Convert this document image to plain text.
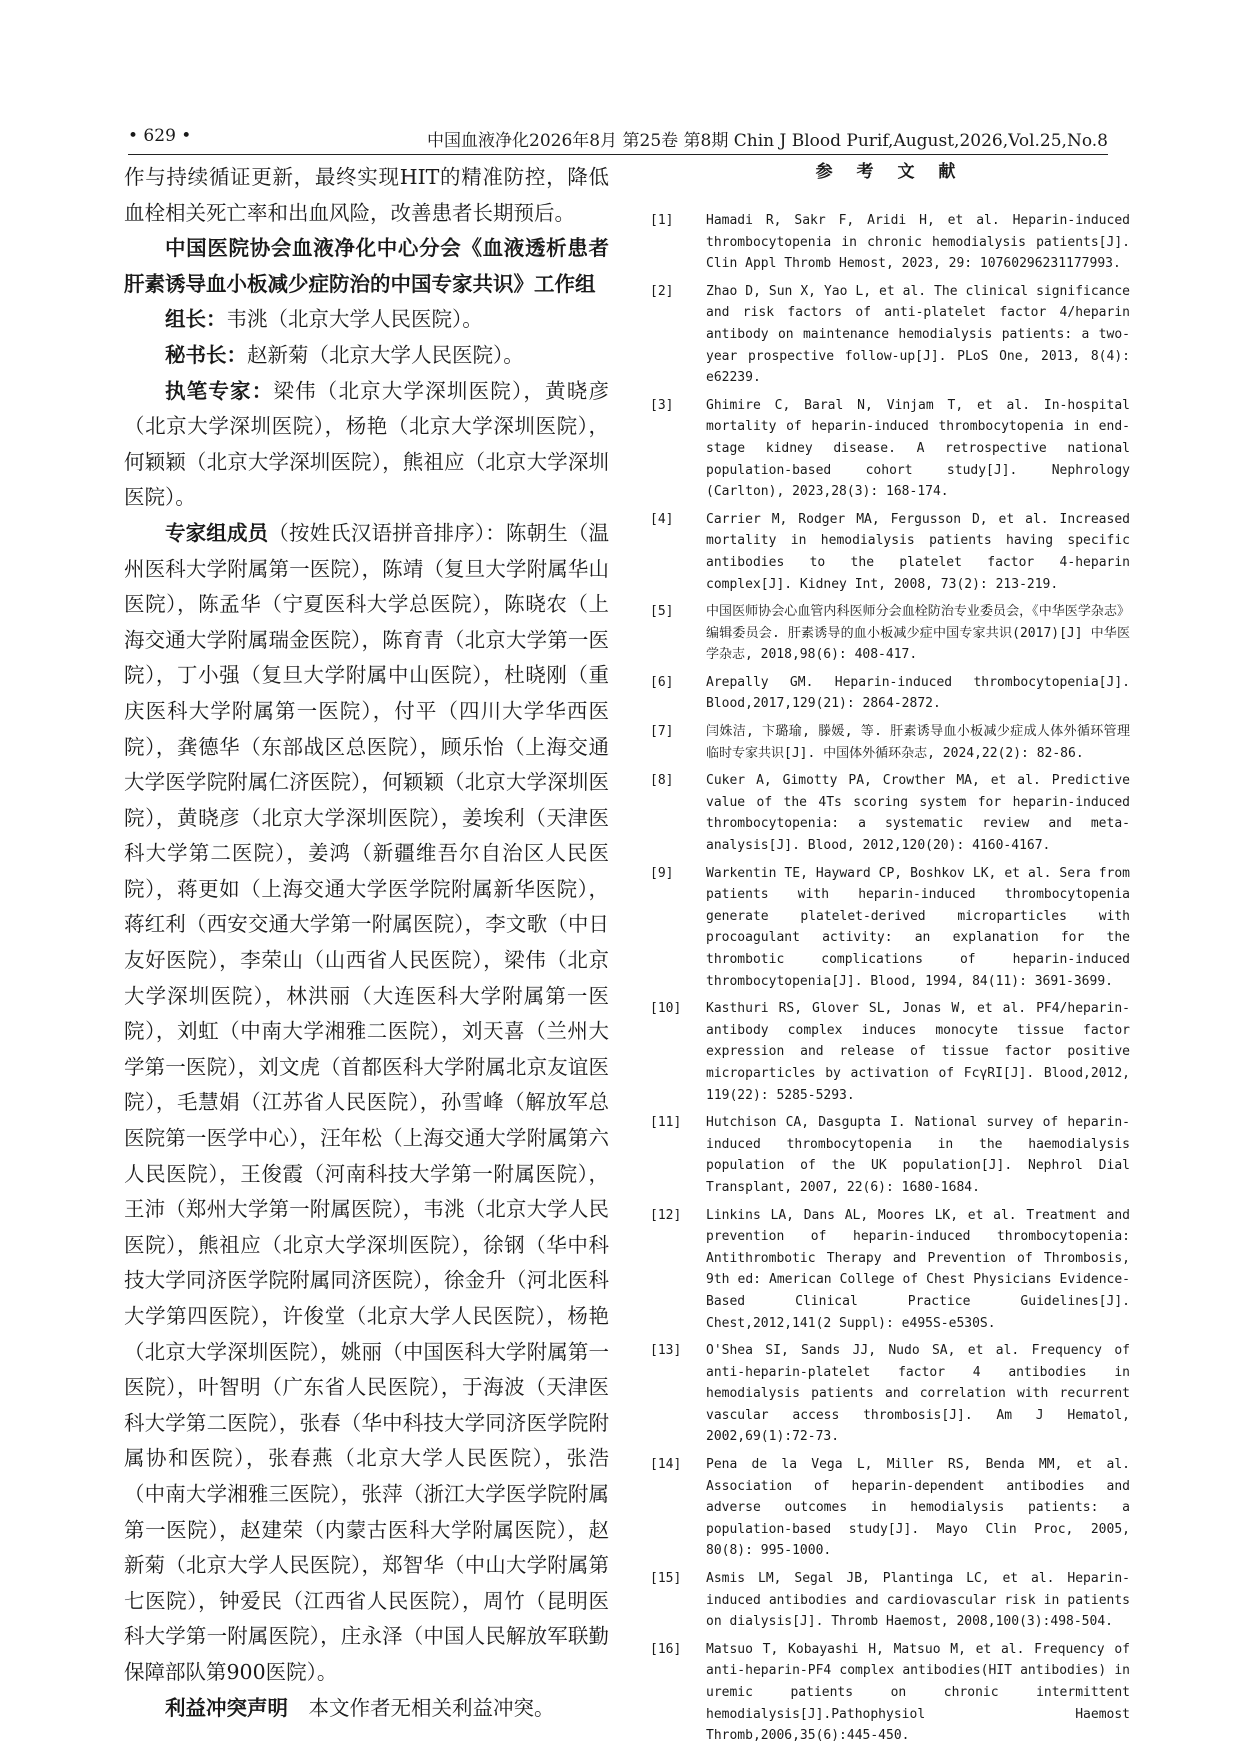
• 629 •	中国血液净化2026年8月 第25卷 第8期 Chin J Blood Purif,August,2026,Vol.25,No.8

作与持续循证更新，最终实现HIT的精准防控，降低血栓相关死亡率和出血风险，改善患者长期预后。

中国医院协会血液净化中心分会《血液透析患者肝素诱导血小板减少症防治的中国专家共识》工作组

组长：韦洮（北京大学人民医院）。

秘书长：赵新菊（北京大学人民医院）。

执笔专家：梁伟（北京大学深圳医院），黄晓彦（北京大学深圳医院），杨艳（北京大学深圳医院），何颖颖（北京大学深圳医院），熊祖应（北京大学深圳医院）。

专家组成员（按姓氏汉语拼音排序）：陈朝生（温州医科大学附属第一医院），陈靖（复旦大学附属华山医院），陈孟华（宁夏医科大学总医院），陈晓农（上海交通大学附属瑞金医院），陈育青（北京大学第一医院），丁小强（复旦大学附属中山医院），杜晓刚（重庆医科大学附属第一医院），付平（四川大学华西医院），龚德华（东部战区总医院），顾乐怡（上海交通大学医学院附属仁济医院），何颖颖（北京大学深圳医院），黄晓彦（北京大学深圳医院），姜埃利（天津医科大学第二医院），姜鸿（新疆维吾尔自治区人民医院），蒋更如（上海交通大学医学院附属新华医院），蒋红利（西安交通大学第一附属医院），李文歌（中日友好医院），李荣山（山西省人民医院），梁伟（北京大学深圳医院），林洪丽（大连医科大学附属第一医院），刘虹（中南大学湘雅二医院），刘天喜（兰州大学第一医院），刘文虎（首都医科大学附属北京友谊医院），毛慧娟（江苏省人民医院），孙雪峰（解放军总医院第一医学中心），汪年松（上海交通大学附属第六人民医院），王俊霞（河南科技大学第一附属医院），王沛（郑州大学第一附属医院），韦洮（北京大学人民医院），熊祖应（北京大学深圳医院），徐钢（华中科技大学同济医学院附属同济医院），徐金升（河北医科大学第四医院），许俊堂（北京大学人民医院），杨艳（北京大学深圳医院），姚丽（中国医科大学附属第一医院），叶智明（广东省人民医院），于海波（天津医科大学第二医院），张春（华中科技大学同济医学院附属协和医院），张春燕（北京大学人民医院），张浩（中南大学湘雅三医院），张萍（浙江大学医学院附属第一医院），赵建荣（内蒙古医科大学附属医院），赵新菊（北京大学人民医院），郑智华（中山大学附属第七医院），钟爱民（江西省人民医院），周竹（昆明医科大学第一附属医院），庄永泽（中国人民解放军联勤保障部队第900医院）。

利益冲突声明　本文作者无相关利益冲突。

参 考 文 献

[1]	Hamadi R, Sakr F, Aridi H, et al. Heparin-induced thrombocytopenia in chronic hemodialysis patients[J]. Clin Appl Thromb Hemost, 2023, 29: 10760296231177993.
[2]	Zhao D, Sun X, Yao L, et al. The clinical significance and risk factors of anti-platelet factor 4/heparin antibody on maintenance hemodialysis patients: a two-year prospective follow-up[J]. PLoS One, 2013, 8(4): e62239.
[3]	Ghimire C, Baral N, Vinjam T, et al. In-hospital mortality of heparin-induced thrombocytopenia in end-stage kidney disease. A retrospective national population-based cohort study[J]. Nephrology (Carlton), 2023,28(3): 168-174.
[4]	Carrier M, Rodger MA, Fergusson D, et al. Increased mortality in hemodialysis patients having specific antibodies to the platelet factor 4-heparin complex[J]. Kidney Int, 2008, 73(2): 213-219.
[5]	中国医师协会心血管内科医师分会血栓防治专业委员会，《中华医学杂志》编辑委员会. 肝素诱导的血小板减少症中国专家共识(2017)[J] 中华医学杂志, 2018,98(6): 408-417.
[6]	Arepally GM. Heparin-induced thrombocytopenia[J]. Blood,2017,129(21): 2864-2872.
[7]	闫姝洁, 卞璐瑜, 滕媛, 等. 肝素诱导血小板减少症成人体外循环管理临时专家共识[J]. 中国体外循环杂志, 2024,22(2): 82-86.
[8]	Cuker A, Gimotty PA, Crowther MA, et al. Predictive value of the 4Ts scoring system for heparin-induced thrombocytopenia: a systematic review and meta-analysis[J]. Blood, 2012,120(20): 4160-4167.
[9]	Warkentin TE, Hayward CP, Boshkov LK, et al. Sera from patients with heparin-induced thrombocytopenia generate platelet-derived microparticles with procoagulant activity: an explanation for the thrombotic complications of heparin-induced thrombocytopenia[J]. Blood, 1994, 84(11): 3691-3699.
[10]	Kasthuri RS, Glover SL, Jonas W, et al. PF4/heparin-antibody complex induces monocyte tissue factor expression and release of tissue factor positive microparticles by activation of FcγRI[J]. Blood,2012, 119(22): 5285-5293.
[11]	Hutchison CA, Dasgupta I. National survey of heparin-induced thrombocytopenia in the haemodialysis population of the UK population[J]. Nephrol Dial Transplant, 2007, 22(6): 1680-1684.
[12]	Linkins LA, Dans AL, Moores LK, et al. Treatment and prevention of heparin-induced thrombocytopenia: Antithrombotic Therapy and Prevention of Thrombosis, 9th ed: American College of Chest Physicians Evidence-Based Clinical Practice Guidelines[J]. Chest,2012,141(2 Suppl): e495S-e530S.
[13]	O'Shea SI, Sands JJ, Nudo SA, et al. Frequency of anti-heparin-platelet factor 4 antibodies in hemodialysis patients and correlation with recurrent vascular access thrombosis[J]. Am J Hematol, 2002,69(1):72-73.
[14]	Pena de la Vega L, Miller RS, Benda MM, et al. Association of heparin-dependent antibodies and adverse outcomes in hemodialysis patients: a population-based study[J]. Mayo Clin Proc, 2005, 80(8): 995-1000.
[15]	Asmis LM, Segal JB, Plantinga LC, et al. Heparin-induced antibodies and cardiovascular risk in patients on dialysis[J]. Thromb Haemost, 2008,100(3):498-504.
[16]	Matsuo T, Kobayashi H, Matsuo M, et al. Frequency of anti-heparin-PF4 complex antibodies(HIT antibodies) in uremic patients on chronic intermittent hemodialysis[J].Pathophysiol Haemost Thromb,2006,35(6):445-450.
